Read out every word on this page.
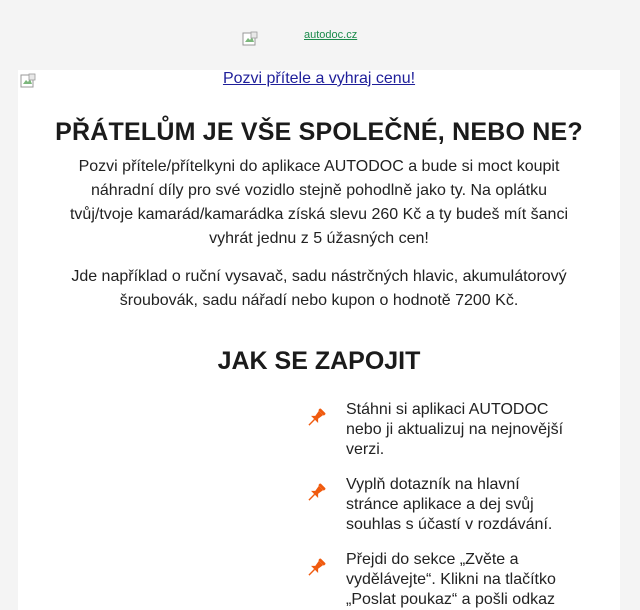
autodoc.cz
Pozvi přítele a vyhraj cenu!
PŘÁTELŮM JE VŠE SPOLEČNÉ, NEBO NE?

Pozvi přítele/přítelkyni do aplikace AUTODOC a bude si moct koupit náhradní díly pro své vozidlo stejně pohodlně jako ty. Na oplátku tvůj/tvoje kamarád/kamarádka získá slevu 260 Kč a ty budeš mít šanci vyhrát jednu z 5 úžasných cen!

Jde například o ruční vysavač, sadu nástrčných hlavic, akumulátorový šroubovák, sadu nářadí nebo kupon o hodnotě 7200 Kč.

JAK SE ZAPOJIT
Stáhni si aplikaci AUTODOC nebo ji aktualizuj na nejnovější verzi.
Vyplň dotazník na hlavní stránce aplikace a dej svůj souhlas s účastí v rozdávání.
Přejdi do sekce „Zvěte a vydělávejte“. Klikni na tlačítko „Poslat poukaz“ a pošli odkaz
